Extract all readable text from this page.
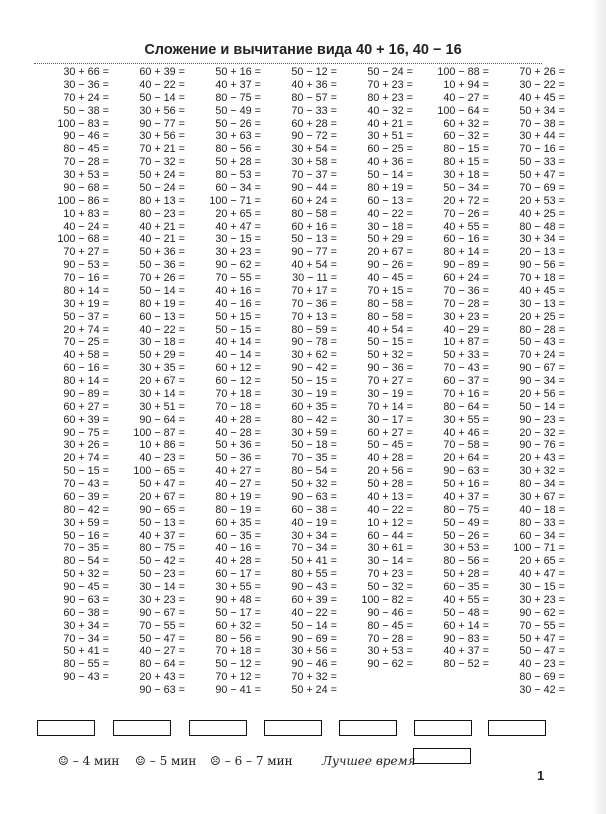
Сложение и вычитание вида 40 + 16, 40 − 16
30 + 66 =
30 − 36 =
70 + 24 =
50 − 38 =
100 − 83 =
90 − 46 =
80 − 45 =
70 − 28 =
30 + 53 =
90 − 68 =
100 − 86 =
10 + 83 =
40 − 24 =
100 − 68 =
70 + 27 =
90 − 53 =
70 − 16 =
80 + 14 =
30 + 19 =
50 − 37 =
20 + 74 =
70 − 25 =
40 + 58 =
60 − 16 =
80 + 14 =
90 − 89 =
60 + 27 =
60 + 39 =
90 − 75 =
30 + 26 =
20 + 74 =
50 − 15 =
70 − 43 =
60 − 39 =
80 − 42 =
30 + 59 =
50 − 16 =
70 − 35 =
80 − 54 =
50 + 32 =
90 − 45 =
90 − 63 =
60 − 38 =
30 + 34 =
70 − 34 =
50 + 41 =
80 − 55 =
90 − 43 =
60 + 39 =
40 − 22 =
50 − 14 =
30 + 56 =
90 − 77 =
30 + 56 =
70 + 21 =
70 − 32 =
50 + 24 =
50 − 24 =
80 + 13 =
80 − 23 =
40 + 21 =
40 − 21 =
50 + 36 =
50 − 36 =
70 + 26 =
50 − 14 =
80 + 19 =
60 − 13 =
40 − 22 =
30 − 18 =
50 + 29 =
30 + 35 =
20 + 67 =
30 + 14 =
30 + 51 =
90 − 64 =
100 − 87 =
10 + 86 =
40 − 23 =
100 − 65 =
50 + 47 =
20 + 67 =
90 − 65 =
50 − 13 =
40 + 37 =
80 − 75 =
50 − 42 =
50 − 23 =
30 − 14 =
30 + 23 =
90 − 67 =
70 − 55 =
50 − 47 =
40 − 27 =
80 − 64 =
20 + 43 =
90 − 63 =
50 + 16 =
40 + 37 =
80 − 75 =
50 − 49 =
50 − 26 =
30 + 63 =
80 − 56 =
50 + 28 =
80 − 53 =
60 − 34 =
100 − 71 =
20 + 65 =
40 + 47 =
30 − 15 =
30 + 23 =
90 − 62 =
70 − 55 =
40 + 16 =
40 − 16 =
50 + 15 =
50 − 15 =
40 + 14 =
40 − 14 =
60 + 12 =
60 − 12 =
70 + 18 =
70 − 18 =
40 + 28 =
40 − 28 =
50 + 36 =
50 − 36 =
40 + 27 =
40 − 27 =
80 + 19 =
80 − 19 =
60 + 35 =
60 − 35 =
40 − 16 =
40 + 28 =
60 − 17 =
30 + 55 =
90 + 48 =
50 − 17 =
60 + 32 =
80 − 56 =
70 + 18 =
50 − 12 =
70 + 12 =
90 − 41 =
50 − 12 =
40 + 36 =
80 − 57 =
70 − 33 =
60 + 28 =
90 − 72 =
30 + 54 =
30 + 58 =
70 − 37 =
90 − 44 =
60 + 24 =
80 − 58 =
60 + 16 =
50 − 13 =
90 − 77 =
40 + 54 =
30 − 11 =
70 + 17 =
70 − 36 =
70 + 13 =
80 − 59 =
90 − 78 =
30 + 62 =
90 − 42 =
50 − 15 =
30 − 19 =
60 + 35 =
80 − 42 =
30 + 59 =
50 − 18 =
70 − 35 =
80 − 54 =
50 + 32 =
90 − 63 =
60 − 38 =
40 − 19 =
30 + 34 =
70 − 34 =
50 + 41 =
80 + 55 =
90 − 43 =
60 + 39 =
40 − 22 =
50 − 14 =
90 − 69 =
30 + 56 =
90 − 46 =
70 + 32 =
50 + 24 =
50 − 24 =
70 + 23 =
80 + 23 =
40 − 32 =
40 + 21 =
30 + 51 =
60 − 25 =
40 + 36 =
50 − 14 =
80 + 19 =
60 − 13 =
40 − 22 =
30 − 18 =
50 + 29 =
20 + 67 =
90 − 26 =
40 − 45 =
70 + 15 =
80 − 58 =
80 − 58 =
40 + 54 =
50 − 15 =
50 + 32 =
90 − 36 =
70 + 27 =
30 − 19 =
70 + 14 =
30 − 17 =
60 + 27 =
50 − 45 =
40 + 28 =
20 + 56 =
50 + 28 =
40 + 13 =
40 − 22 =
10 + 12 =
60 − 44 =
30 + 61 =
30 − 14 =
70 + 23 =
50 − 32 =
100 − 82 =
90 − 46 =
80 − 45 =
70 − 28 =
30 + 53 =
90 − 62 =
100 − 88 =
10 + 94 =
40 − 27 =
100 − 64 =
60 + 32 =
60 − 32 =
80 − 15 =
80 + 15 =
30 + 18 =
50 − 34 =
20 + 72 =
70 − 26 =
40 + 55 =
60 − 16 =
80 + 14 =
90 − 89 =
60 + 24 =
70 − 36 =
70 − 28 =
30 + 23 =
40 − 29 =
10 + 87 =
50 + 33 =
70 − 43 =
60 − 37 =
70 + 16 =
80 − 64 =
30 + 55 =
40 + 46 =
70 − 58 =
20 + 64 =
90 − 63 =
50 + 16 =
40 + 37 =
80 − 75 =
50 − 49 =
50 − 26 =
30 + 53 =
80 − 56 =
50 + 28 =
60 − 35 =
40 + 55 =
50 − 48 =
60 + 14 =
90 − 83 =
40 + 37 =
80 − 52 =
70 + 26 =
30 − 22 =
40 + 45 =
50 + 34 =
70 − 38 =
30 + 44 =
70 − 16 =
50 − 33 =
50 + 47 =
70 − 69 =
20 + 53 =
40 + 25 =
80 − 48 =
30 + 34 =
20 − 13 =
90 − 56 =
70 + 18 =
40 + 45 =
30 − 13 =
20 + 25 =
80 − 28 =
50 − 43 =
70 + 24 =
90 − 67 =
90 − 34 =
20 + 56 =
50 − 14 =
90 − 23 =
20 − 32 =
90 − 76 =
20 + 43 =
30 + 32 =
80 − 34 =
30 + 67 =
40 − 18 =
80 − 33 =
60 − 34 =
100 − 71 =
20 + 65 =
40 + 47 =
30 − 15 =
30 + 23 =
90 − 62 =
70 − 55 =
50 + 47 =
50 − 47 =
40 − 23 =
80 − 69 =
30 − 42 =
☺ – 4 мин ☺ – 5 мин ☹ – 6 – 7 мин Лучшее время
1
